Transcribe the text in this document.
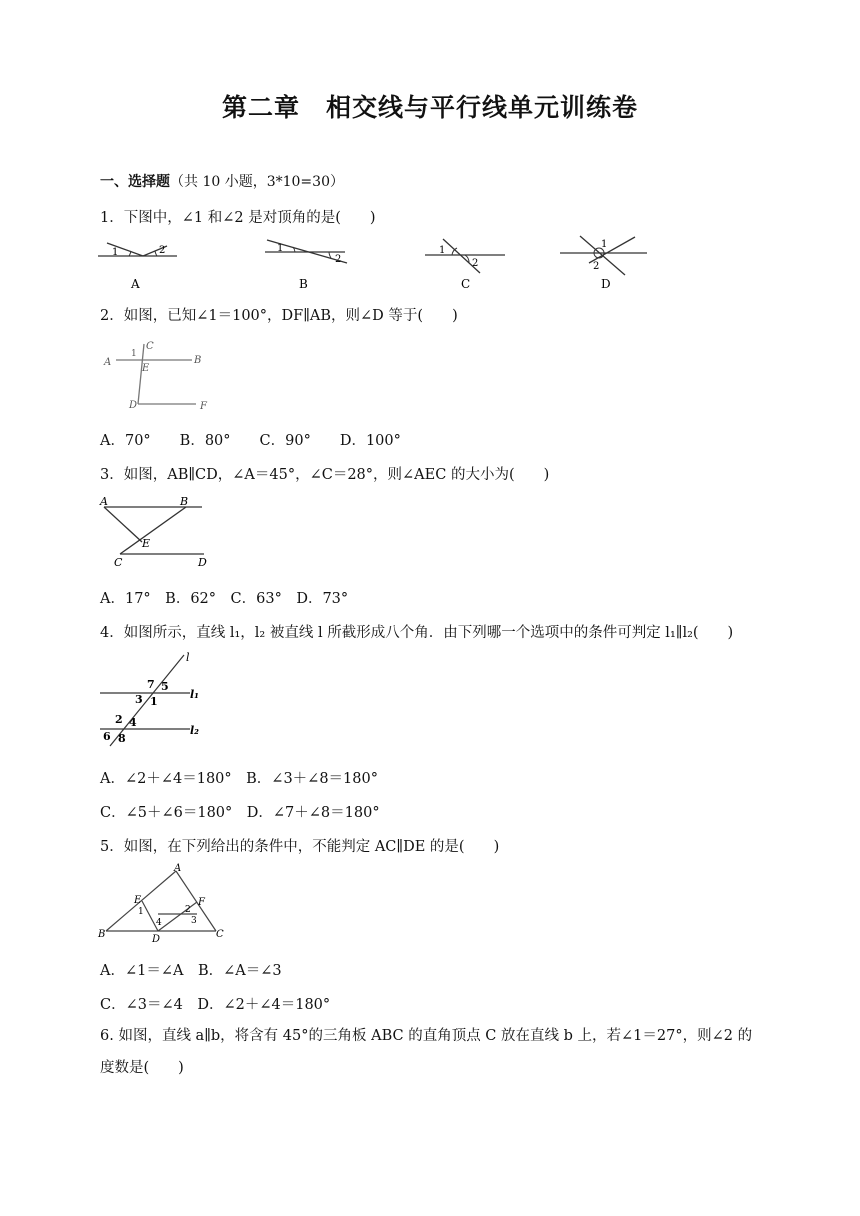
第二章　相交线与平行线单元训练卷
一、选择题（共 10 小题，3*10=30）
1．下图中，∠1 和∠2 是对顶角的是(　　)
1	2
A
1
2
B
1
2
C
1
2
D
2．如图，已知∠1＝100°，DF∥AB，则∠D 等于(　　)
A	B
C
D
E
F
1
A．70°　　B．80°　　C．90°　　D．100°
3．如图，AB∥CD，∠A＝45°，∠C＝28°，则∠AEC 的大小为(　　)
A	B
C	D
E
A．17°　B．62°　C．63°　D．73°
4．如图所示，直线 l₁，l₂ 被直线 l 所截形成八个角．由下列哪一个选项中的条件可判定 l₁∥l₂(　　)
l
l₁
l₂
7 5
3 1
2 4
6 8
A．∠2＋∠4＝180°　B．∠3＋∠8＝180°
C．∠5＋∠6＝180°　D．∠7＋∠8＝180°
5．如图，在下列给出的条件中，不能判定 AC∥DE 的是(　　)
A
B	C
D
E	F
1	2
3
4
A．∠1＝∠A　B．∠A＝∠3
C．∠3＝∠4　D．∠2＋∠4＝180°
6. 如图，直线 a∥b，将含有 45°的三角板 ABC 的直角顶点 C 放在直线 b 上，若∠1＝27°，则∠2 的度数是(　　)
